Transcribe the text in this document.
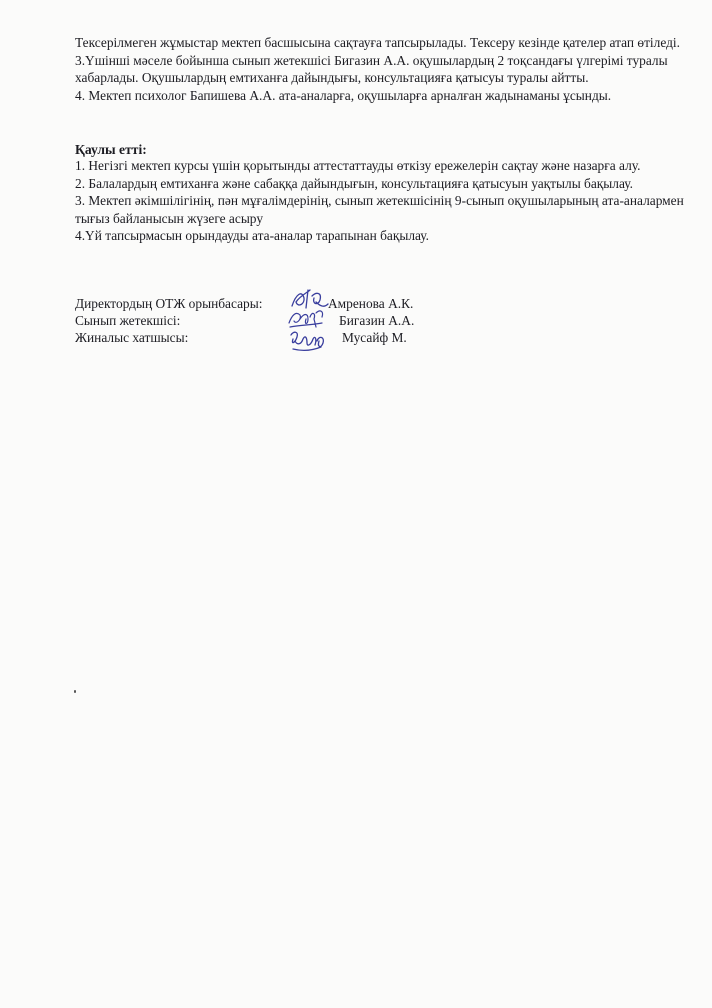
Тексерілмеген жұмыстар мектеп басшысына сақтауға тапсырылады. Тексеру кезінде қателер атап өтіледі.

3.Үшінші мәселе бойынша сынып жетекшісі Бигазин А.А. оқушылардың 2 тоқсандағы үлгерімі туралы хабарлады. Оқушылардың емтиханға дайындығы, консультацияға қатысуы туралы айтты.

4. Мектеп психолог Бапишева А.А. ата-аналарға, оқушыларға арналған жадынаманы ұсынды.

Қаулы етті:

1. Негізгі мектеп курсы үшін қорытынды аттестаттауды өткізу ережелерін сақтау және назарға алу.

2. Балалардың емтиханға және сабаққа дайындығын, консультацияға қатысуын уақтылы бақылау.

3. Мектеп әкімшілігінің, пән мұғалімдерінің, сынып жетекшісінің 9-сынып оқушыларының ата-аналармен тығыз байланысын жүзеге асыру

4.Үй тапсырмасын орындауды ата-аналар тарапынан бақылау.

Директордың ОТЖ орынбасары:	Амренова А.К.
Сынып жетекшісі:	Бигазин А.А.
Жиналыс хатшысы:	Мусайф М.
